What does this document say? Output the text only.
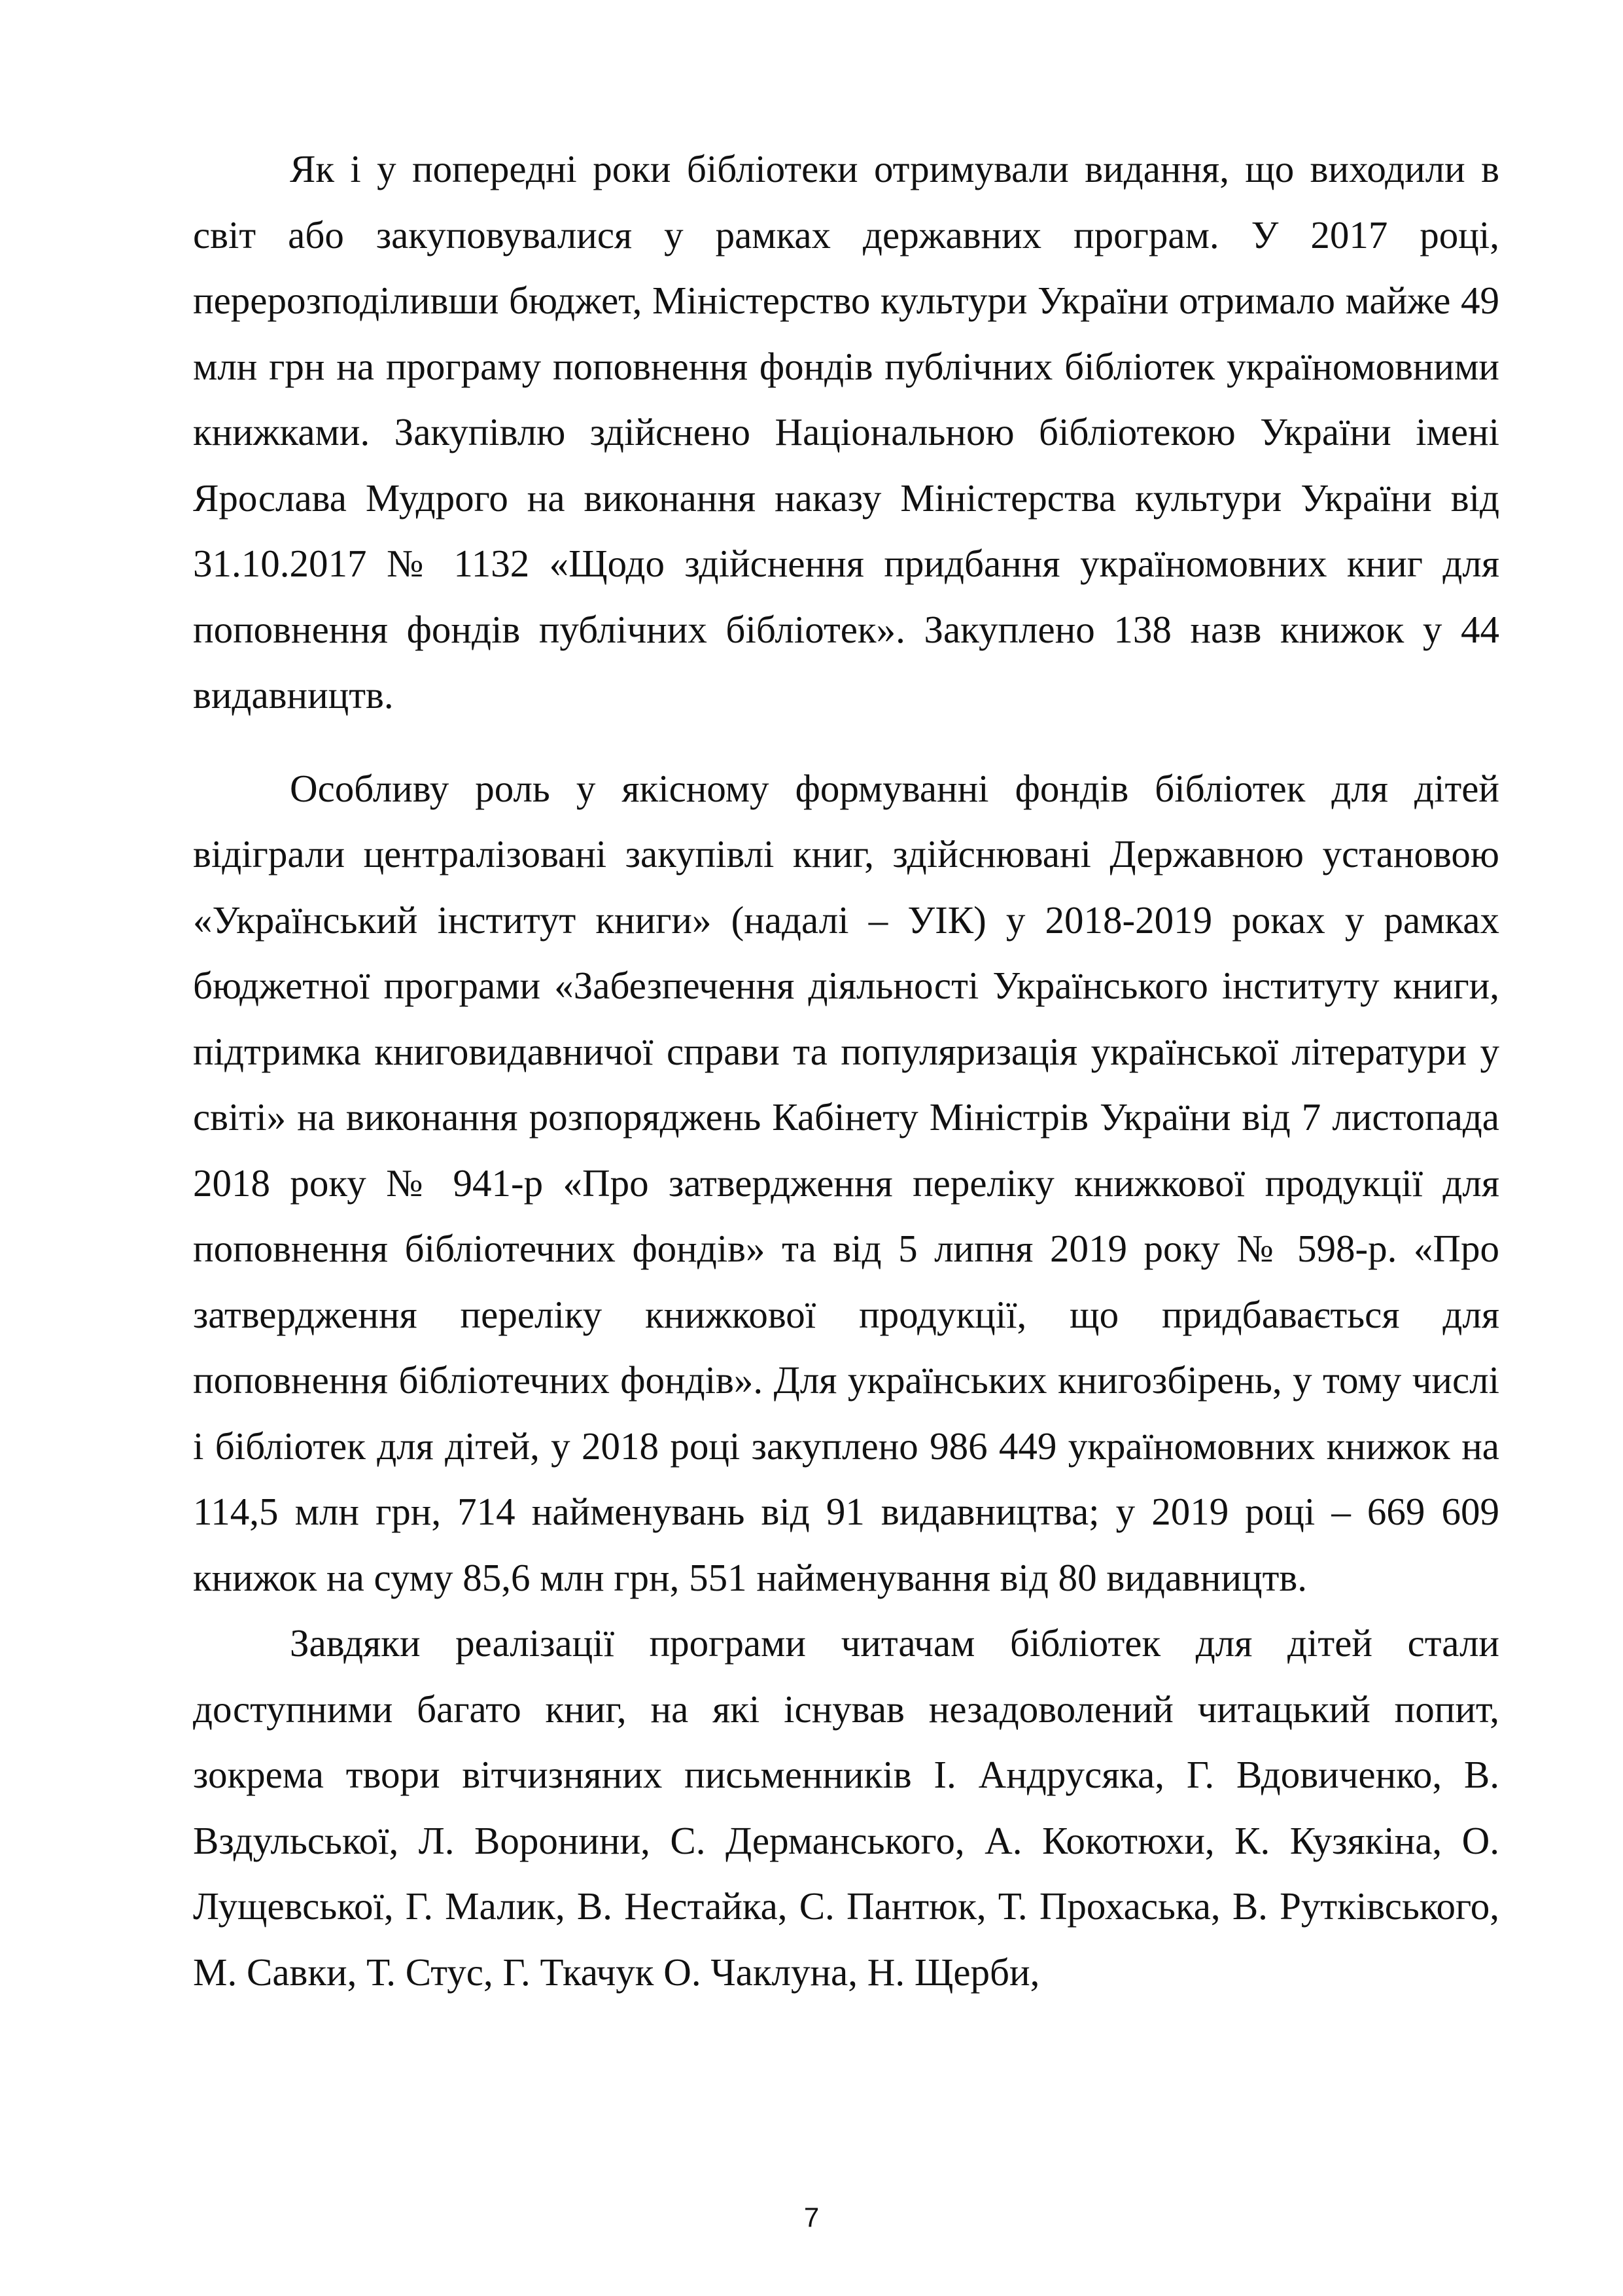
Як і у попередні роки бібліотеки отримували видання, що виходили в світ або закуповувалися у рамках державних програм. У 2017 році, перерозподіливши бюджет, Міністерство культури України отримало майже 49 млн грн на програму поповнення фондів публічних бібліотек україномовними книжками. Закупівлю здійснено Національною бібліотекою України імені Ярослава Мудрого на виконання наказу Міністерства культури України від 31.10.2017 № 1132 «Щодо здійснення придбання україномовних книг для поповнення фондів публічних бібліотек». Закуплено 138 назв книжок у 44 видавництв.

Особливу роль у якісному формуванні фондів бібліотек для дітей відіграли централізовані закупівлі книг, здійснювані Державною установою «Український інститут книги» (надалі – УІК) у 2018-2019 роках у рамках бюджетної програми «Забезпечення діяльності Українського інституту книги, підтримка книговидавничої справи та популяризація української літератури у світі» на виконання розпоряджень Кабінету Міністрів України від 7 листопада 2018 року № 941-р «Про затвердження переліку книжкової продукції для поповнення бібліотечних фондів» та від 5 липня 2019 року № 598-р. «Про затвердження переліку книжкової продукції, що придбавається для поповнення бібліотечних фондів». Для українських книгозбірень, у тому числі і бібліотек для дітей, у 2018 році закуплено 986 449 україномовних книжок на 114,5 млн грн, 714 найменувань від 91 видавництва; у 2019 році – 669 609 книжок на суму 85,6 млн грн, 551 найменування від 80 видавництв.

Завдяки реалізації програми читачам бібліотек для дітей стали доступними багато книг, на які існував незадоволений читацький попит, зокрема твори вітчизняних письменників І. Андрусяка, Г. Вдовиченко, В. Вздульської, Л. Воронини, С. Дерманського, А. Кокотюхи, К. Кузякіна, О. Лущевської, Г. Малик, В. Нестайка, С. Пантюк, Т. Прохаська, В. Рутківського, М. Савки, Т. Стус, Г. Ткачук О. Чаклуна, Н. Щерби,

7
